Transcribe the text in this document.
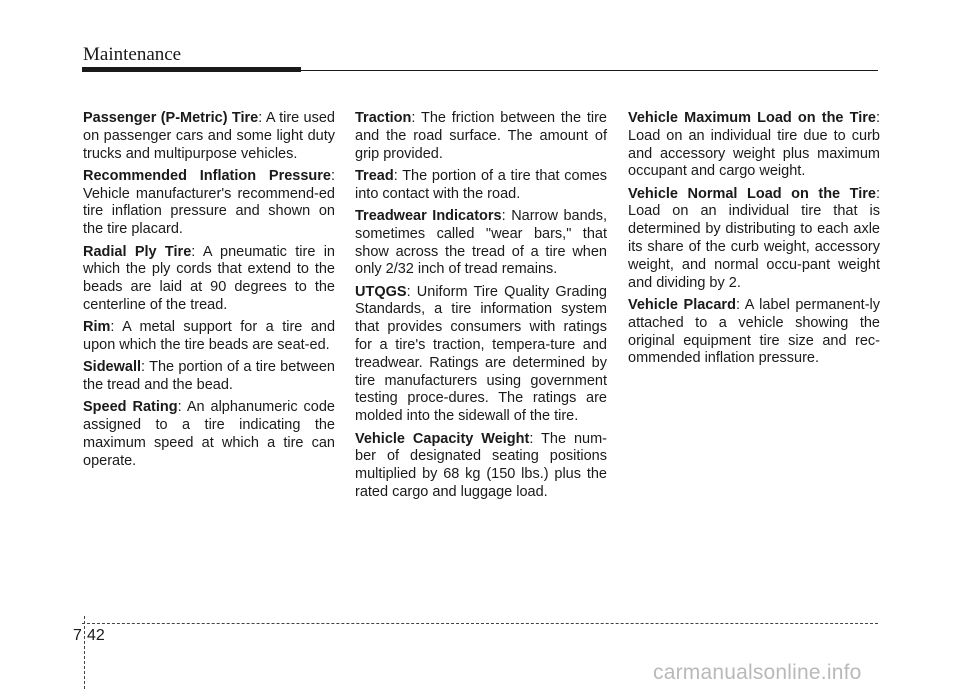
Maintenance

Passenger (P-Metric) Tire: A tire used on passenger cars and some light duty trucks and multipurpose vehicles.

Recommended Inflation Pressure: Vehicle manufacturer's recommend-ed tire inflation pressure and shown on the tire placard.

Radial Ply Tire: A pneumatic tire in which the ply cords that extend to the beads are laid at 90 degrees to the centerline of the tread.

Rim: A metal support for a tire and upon which the tire beads are seat-ed.

Sidewall: The portion of a tire between the tread and the bead.

Speed Rating: An alphanumeric code assigned to a tire indicating the maximum speed at which a tire can operate.

Traction: The friction between the tire and the road surface. The amount of grip provided.

Tread: The portion of a tire that comes into contact with the road.

Treadwear Indicators: Narrow bands, sometimes called "wear bars," that show across the tread of a tire when only 2/32 inch of tread remains.

UTQGS: Uniform Tire Quality Grading Standards, a tire information system that provides consumers with ratings for a tire's traction, tempera-ture and treadwear. Ratings are determined by tire manufacturers using government testing proce-dures. The ratings are molded into the sidewall of the tire.

Vehicle Capacity Weight: The num-ber of designated seating positions multiplied by 68 kg (150 lbs.) plus the rated cargo and luggage load.

Vehicle Maximum Load on the Tire: Load on an individual tire due to curb and accessory weight plus maximum occupant and cargo weight.

Vehicle Normal Load on the Tire: Load on an individual tire that is determined by distributing to each axle its share of the curb weight, accessory weight, and normal occu-pant weight and dividing by 2.

Vehicle Placard: A label permanent-ly attached to a vehicle showing the original equipment tire size and rec-ommended inflation pressure.

7 42
carmanualsonline.info
